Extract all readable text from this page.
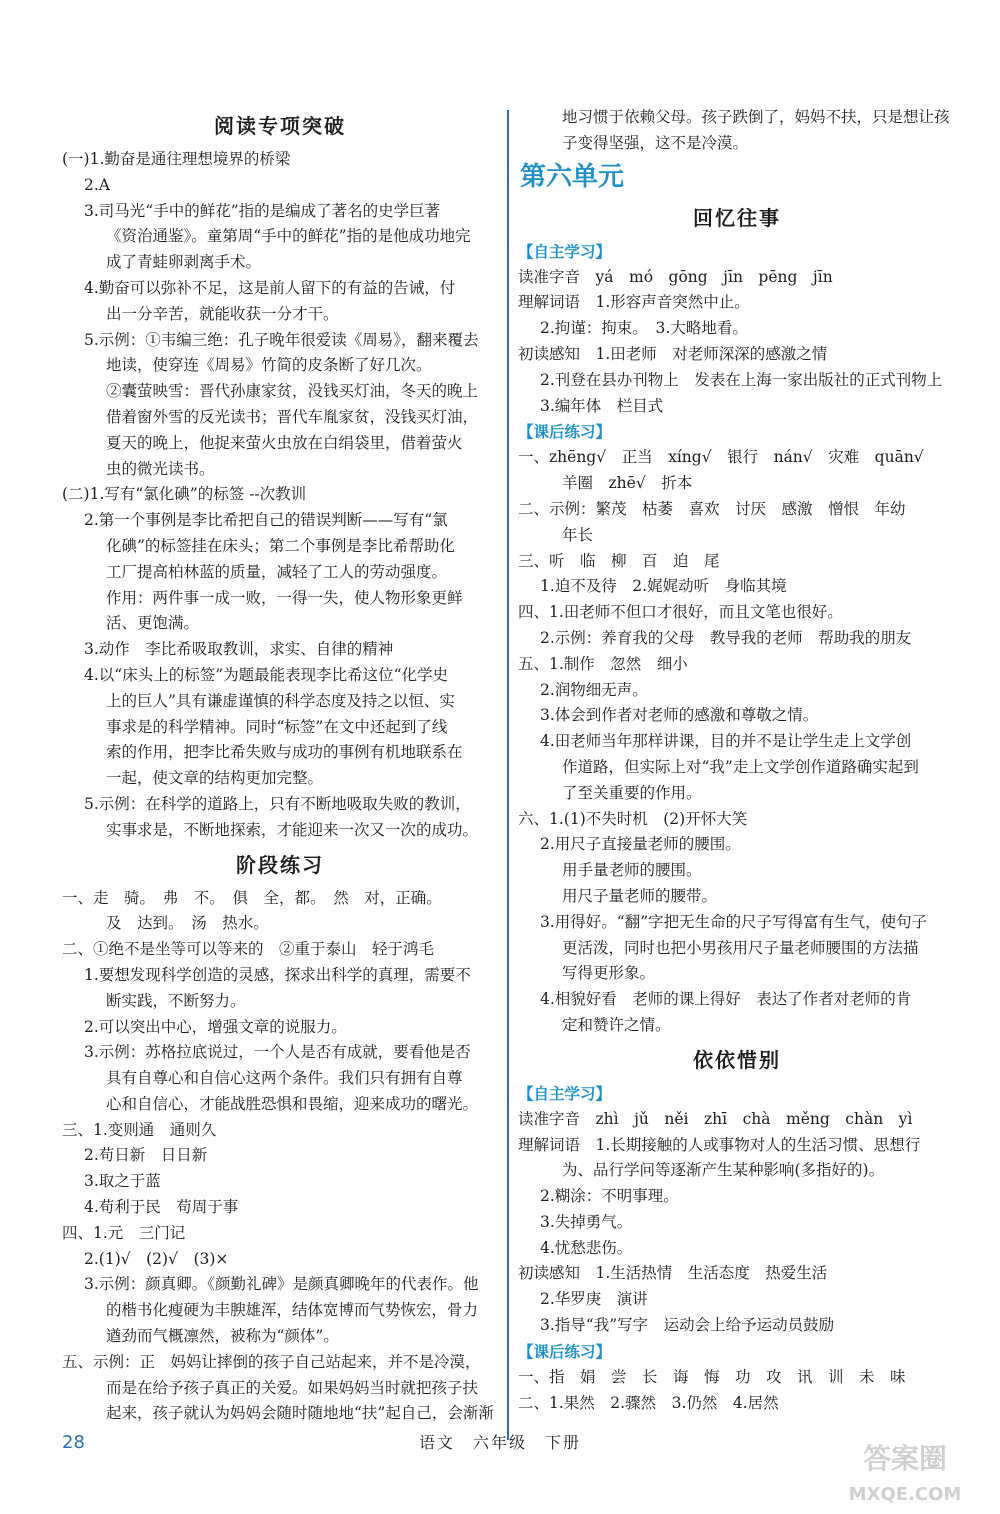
阅读专项突破
(一)1.勤奋是通往理想境界的桥梁
2.A
3.司马光“手中的鲜花”指的是编成了著名的史学巨著
《资治通鉴》。童第周“手中的鲜花”指的是他成功地完
成了青蛙卵剥离手术。
4.勤奋可以弥补不足，这是前人留下的有益的告诫，付
出一分辛苦，就能收获一分才干。
5.示例：①韦编三绝：孔子晚年很爱读《周易》，翻来覆去
地读，使穿连《周易》竹简的皮条断了好几次。
②囊萤映雪：晋代孙康家贫，没钱买灯油，冬天的晚上
借着窗外雪的反光读书；晋代车胤家贫，没钱买灯油，
夏天的晚上，他捉来萤火虫放在白绢袋里，借着萤火
虫的微光读书。
(二)1.写有“氯化碘”的标签 --次教训
2.第一个事例是李比希把自己的错误判断——写有“氯
化碘”的标签挂在床头；第二个事例是李比希帮助化
工厂提高柏林蓝的质量，减轻了工人的劳动强度。
作用：两件事一成一败，一得一失，使人物形象更鲜
活、更饱满。
3.动作　李比希吸取教训，求实、自律的精神
4.以“床头上的标签”为题最能表现李比希这位“化学史
上的巨人”具有谦虚谨慎的科学态度及持之以恒、实
事求是的科学精神。同时“标签”在文中还起到了线
索的作用，把李比希失败与成功的事例有机地联系在
一起，使文章的结构更加完整。
5.示例：在科学的道路上，只有不断地吸取失败的教训，
实事求是，不断地探索，才能迎来一次又一次的成功。
阶段练习
一、走　骑。　弗　不。　俱　全，都。　然　对，正确。
及　达到。　汤　热水。
二、①绝不是坐等可以等来的　②重于泰山　轻于鸿毛
1.要想发现科学创造的灵感，探求出科学的真理，需要不
断实践，不断努力。
2.可以突出中心，增强文章的说服力。
3.示例：苏格拉底说过，一个人是否有成就，要看他是否
具有自尊心和自信心这两个条件。我们只有拥有自尊
心和自信心，才能战胜恐惧和畏缩，迎来成功的曙光。
三、1.变则通　通则久
2.苟日新　日日新
3.取之于蓝
4.苟利于民　苟周于事
四、1.元　三门记
2.(1)√　(2)√　(3)×
3.示例：颜真卿。《颜勤礼碑》是颜真卿晚年的代表作。他
的楷书化瘦硬为丰腴雄浑，结体宽博而气势恢宏，骨力
遒劲而气概凛然，被称为“颜体”。
五、示例：正　妈妈让摔倒的孩子自己站起来，并不是冷漠，
而是在给予孩子真正的关爱。如果妈妈当时就把孩子扶
起来，孩子就认为妈妈会随时随地地“扶”起自己，会渐渐
地习惯于依赖父母。孩子跌倒了，妈妈不扶，只是想让孩
子变得坚强，这不是冷漠。
第六单元
回忆往事
【自主学习】
读准字音　yá　mó　gōng　jīn　pēng　jīn
理解词语　1.形容声音突然中止。
2.拘谨：拘束。　3.大略地看。
初读感知　1.田老师　对老师深深的感激之情
2.刊登在县办刊物上　发表在上海一家出版社的正式刊物上
3.编年体　栏目式
【课后练习】
一、zhēng√　正当　xíng√　银行　nán√　灾难　quān√
羊圈　zhē√　折本
二、示例：繁茂　枯萎　喜欢　讨厌　感激　憎恨　年幼
年长
三、听　临　柳　百　迫　尾
1.迫不及待　2.娓娓动听　身临其境
四、1.田老师不但口才很好，而且文笔也很好。
2.示例：养育我的父母　教导我的老师　帮助我的朋友
五、1.制作　忽然　细小
2.润物细无声。
3.体会到作者对老师的感激和尊敬之情。
4.田老师当年那样讲课，目的并不是让学生走上文学创
作道路，但实际上对“我”走上文学创作道路确实起到
了至关重要的作用。
六、1.(1)不失时机　(2)开怀大笑
2.用尺子直接量老师的腰围。
用手量老师的腰围。
用尺子量老师的腰带。
3.用得好。“翻”字把无生命的尺子写得富有生气，使句子
更活泼，同时也把小男孩用尺子量老师腰围的方法描
写得更形象。
4.相貌好看　老师的课上得好　表达了作者对老师的肯
定和赞许之情。
依依惜别
【自主学习】
读准字音　zhì　jǔ　něi　zhī　chà　měng　chàn　yì
理解词语　1.长期接触的人或事物对人的生活习惯、思想行
为、品行学问等逐渐产生某种影响(多指好的)。
2.糊涂：不明事理。
3.失掉勇气。
4.忧愁悲伤。
初读感知　1.生活热情　生活态度　热爱生活
2.华罗庚　演讲
3.指导“我”写字　运动会上给予运动员鼓励
【课后练习】
一、指　娟　尝　长　诲　悔　功　攻　讯　训　未　味
二、1.果然　2.骤然　3.仍然　4.居然
28	语文　六年级　下册	答案圈
MXQE.COM
